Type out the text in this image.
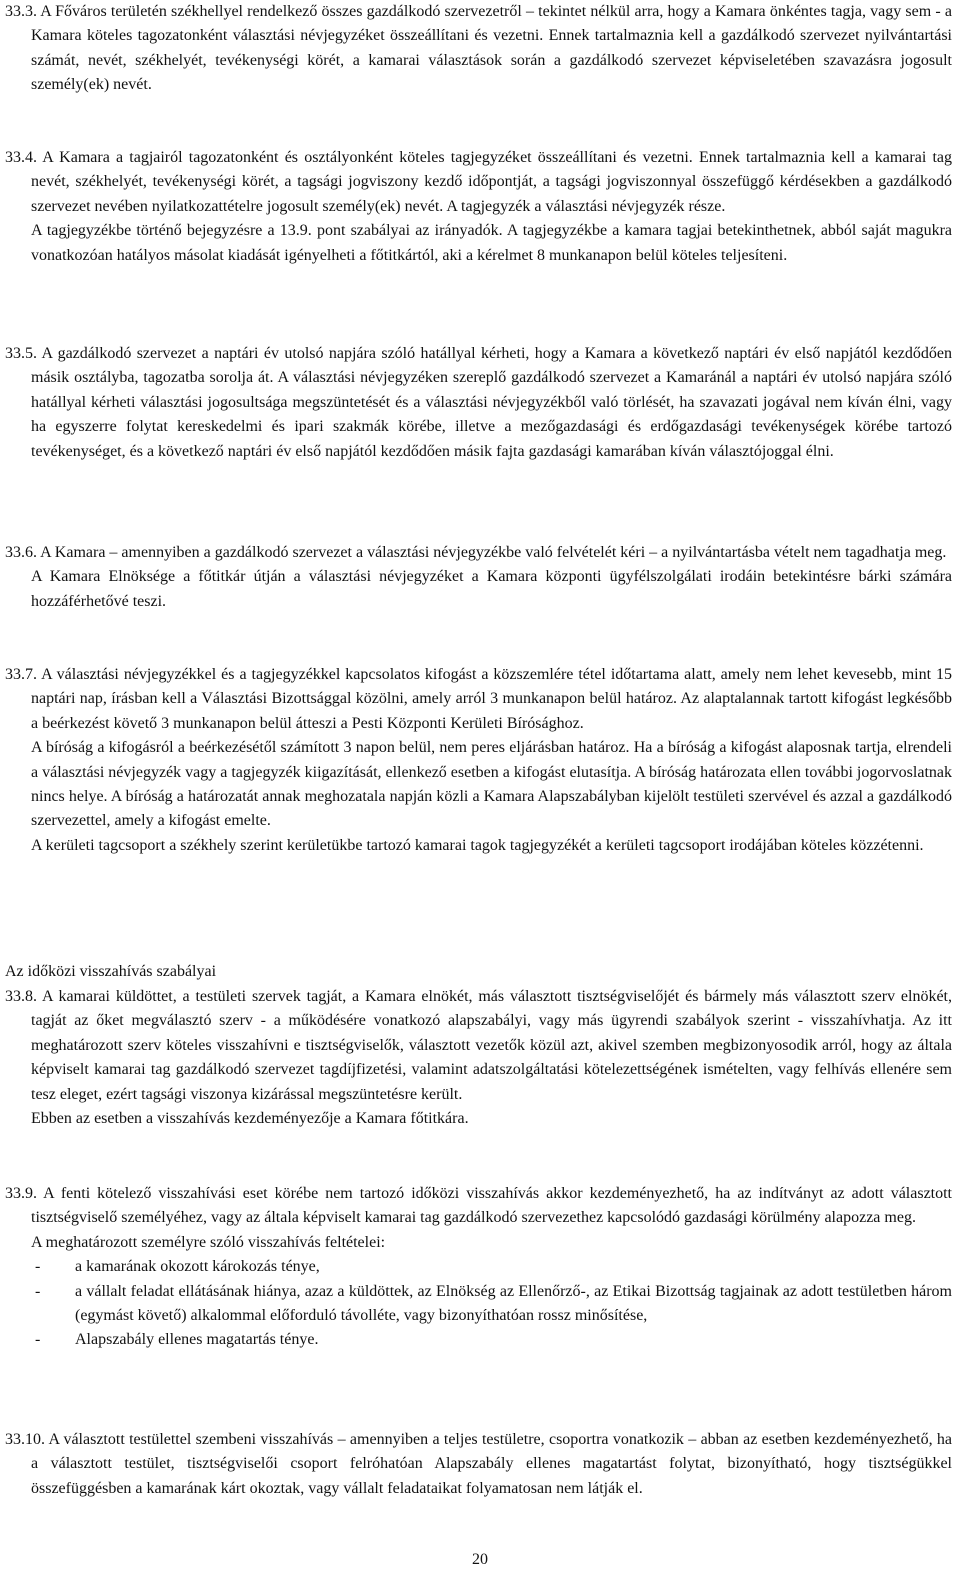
33.3. A Főváros területén székhellyel rendelkező összes gazdálkodó szervezetről – tekintet nélkül arra, hogy a Kamara önkéntes tagja, vagy sem - a Kamara köteles tagozatonként választási névjegyzéket összeállítani és vezetni. Ennek tartalmaznia kell a gazdálkodó szervezet nyilvántartási számát, nevét, székhelyét, tevékenységi körét, a kamarai választások során a gazdálkodó szervezet képviseletében szavazásra jogosult személy(ek) nevét.

33.4. A Kamara a tagjairól tagozatonként és osztályonként köteles tagjegyzéket összeállítani és vezetni. Ennek tartalmaznia kell a kamarai tag nevét, székhelyét, tevékenységi körét, a tagsági jogviszony kezdő időpontját, a tagsági jogviszonnyal összefüggő kérdésekben a gazdálkodó szervezet nevében nyilatkozattételre jogosult személy(ek) nevét. A tagjegyzék a választási névjegyzék része.

A tagjegyzékbe történő bejegyzésre a 13.9. pont szabályai az irányadók. A tagjegyzékbe a kamara tagjai betekinthetnek, abból saját magukra vonatkozóan hatályos másolat kiadását igényelheti a főtitkártól, aki a kérelmet 8 munkanapon belül köteles teljesíteni.

33.5. A gazdálkodó szervezet a naptári év utolsó napjára szóló hatállyal kérheti, hogy a Kamara a következő naptári év első napjától kezdődően másik osztályba, tagozatba sorolja át. A választási névjegyzéken szereplő gazdálkodó szervezet a Kamaránál a naptári év utolsó napjára szóló hatállyal kérheti választási jogosultsága megszüntetését és a választási névjegyzékből való törlését, ha szavazati jogával nem kíván élni, vagy ha egyszerre folytat kereskedelmi és ipari szakmák körébe, illetve a mezőgazdasági és erdőgazdasági tevékenységek körébe tartozó tevékenységet, és a következő naptári év első napjától kezdődően másik fajta gazdasági kamarában kíván választójoggal élni.

33.6. A Kamara – amennyiben a gazdálkodó szervezet a választási névjegyzékbe való felvételét kéri – a nyilvántartásba vételt nem tagadhatja meg.

A Kamara Elnöksége a főtitkár útján a választási névjegyzéket a Kamara központi ügyfélszolgálati irodáin betekintésre bárki számára hozzáférhetővé teszi.

33.7. A választási névjegyzékkel és a tagjegyzékkel kapcsolatos kifogást a közszemlére tétel időtartama alatt, amely nem lehet kevesebb, mint 15 naptári nap, írásban kell a Választási Bizottsággal közölni, amely arról 3 munkanapon belül határoz. Az alaptalannak tartott kifogást legkésőbb a beérkezést követő 3 munkanapon belül átteszi a Pesti Központi Kerületi Bírósághoz.

A bíróság a kifogásról a beérkezésétől számított 3 napon belül, nem peres eljárásban határoz. Ha a bíróság a kifogást alaposnak tartja, elrendeli a választási névjegyzék vagy a tagjegyzék kiigazítását, ellenkező esetben a kifogást elutasítja. A bíróság határozata ellen további jogorvoslatnak nincs helye. A bíróság a határozatát annak meghozatala napján közli a Kamara Alapszabályban kijelölt testületi szervével és azzal a gazdálkodó szervezettel, amely a kifogást emelte.

A kerületi tagcsoport a székhely szerint kerületükbe tartozó kamarai tagok tagjegyzékét a kerületi tagcsoport irodájában köteles közzétenni.

Az időközi visszahívás szabályai

33.8. A kamarai küldöttet, a testületi szervek tagját, a Kamara elnökét, más választott tisztségviselőjét és bármely más választott szerv elnökét, tagját az őket megválasztó szerv - a működésére vonatkozó alapszabályi, vagy más ügyrendi szabályok szerint - visszahívhatja. Az itt meghatározott szerv köteles visszahívni e tisztségviselők, választott vezetők közül azt, akivel szemben megbizonyosodik arról, hogy az általa képviselt kamarai tag gazdálkodó szervezet tagdíjfizetési, valamint adatszolgáltatási kötelezettségének ismételten, vagy felhívás ellenére sem tesz eleget, ezért tagsági viszonya kizárással megszüntetésre került.

Ebben az esetben a visszahívás kezdeményezője a Kamara főtitkára.

33.9. A fenti kötelező visszahívási eset körébe nem tartozó időközi visszahívás akkor kezdeményezhető, ha az indítványt az adott választott tisztségviselő személyéhez, vagy az általa képviselt kamarai tag gazdálkodó szervezethez kapcsolódó gazdasági körülmény alapozza meg.

A meghatározott személyre szóló visszahívás feltételei:

- a kamarának okozott károkozás ténye,
- a vállalt feladat ellátásának hiánya, azaz a küldöttek, az Elnökség az Ellenőrző-, az Etikai Bizottság tagjainak az adott testületben három (egymást követő) alkalommal előforduló távolléte, vagy bizonyíthatóan rossz minősítése,
- Alapszabály ellenes magatartás ténye.

33.10. A választott testülettel szembeni visszahívás – amennyiben a teljes testületre, csoportra vonatkozik – abban az esetben kezdeményezhető, ha a választott testület, tisztségviselői csoport felróhatóan Alapszabály ellenes magatartást folytat, bizonyítható, hogy tisztségükkel összefüggésben a kamarának kárt okoztak, vagy vállalt feladataikat folyamatosan nem látják el.

20
